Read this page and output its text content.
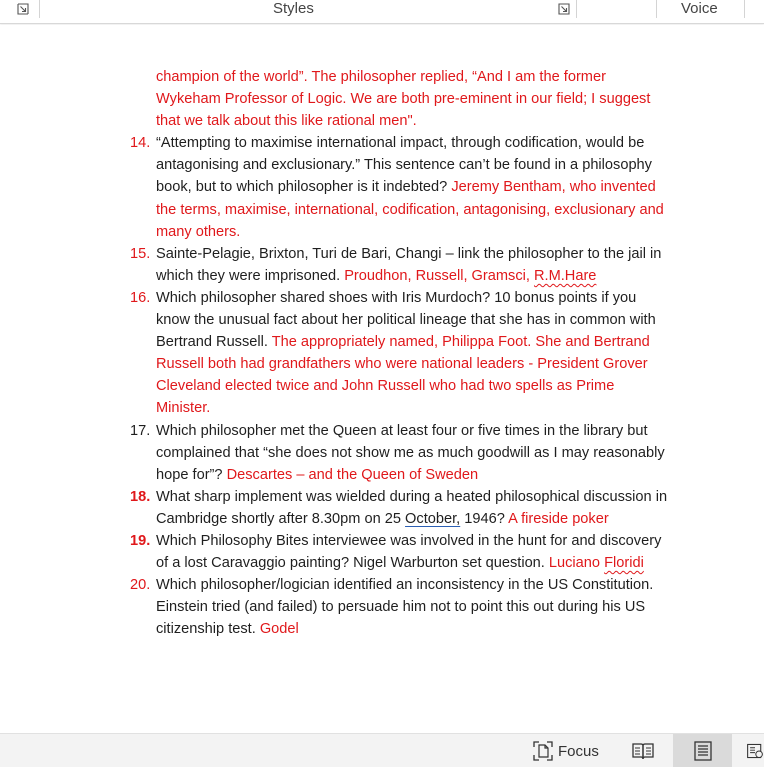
Styles	Voice
champion of the world”. The philosopher replied, “And I am the former Wykeham Professor of Logic. We are both pre-eminent in our field; I suggest that we talk about this like rational men".
14. “Attempting to maximise international impact, through codification, would be antagonising and exclusionary.” This sentence can’t be found in a philosophy book, but to which philosopher is it indebted? Jeremy Bentham, who invented the terms, maximise, international, codification, antagonising, exclusionary and many others.
15. Sainte-Pelagie, Brixton, Turi de Bari, Changi – link the philosopher to the jail in which they were imprisoned. Proudhon, Russell, Gramsci, R.M.Hare
16. Which philosopher shared shoes with Iris Murdoch? 10 bonus points if you know the unusual fact about her political lineage that she has in common with Bertrand Russell. The appropriately named, Philippa Foot. She and Bertrand Russell both had grandfathers who were national leaders - President Grover Cleveland elected twice and John Russell who had two spells as Prime Minister.
17. Which philosopher met the Queen at least four or five times in the library but complained that “she does not show me as much goodwill as I may reasonably hope for”? Descartes – and the Queen of Sweden
18. What sharp implement was wielded during a heated philosophical discussion in Cambridge shortly after 8.30pm on 25 October, 1946? A fireside poker
19. Which Philosophy Bites interviewee was involved in the hunt for and discovery of a lost Caravaggio painting? Nigel Warburton set question. Luciano Floridi
20. Which philosopher/logician identified an inconsistency in the US Constitution. Einstein tried (and failed) to persuade him not to point this out during his US citizenship test. Godel
Focus
